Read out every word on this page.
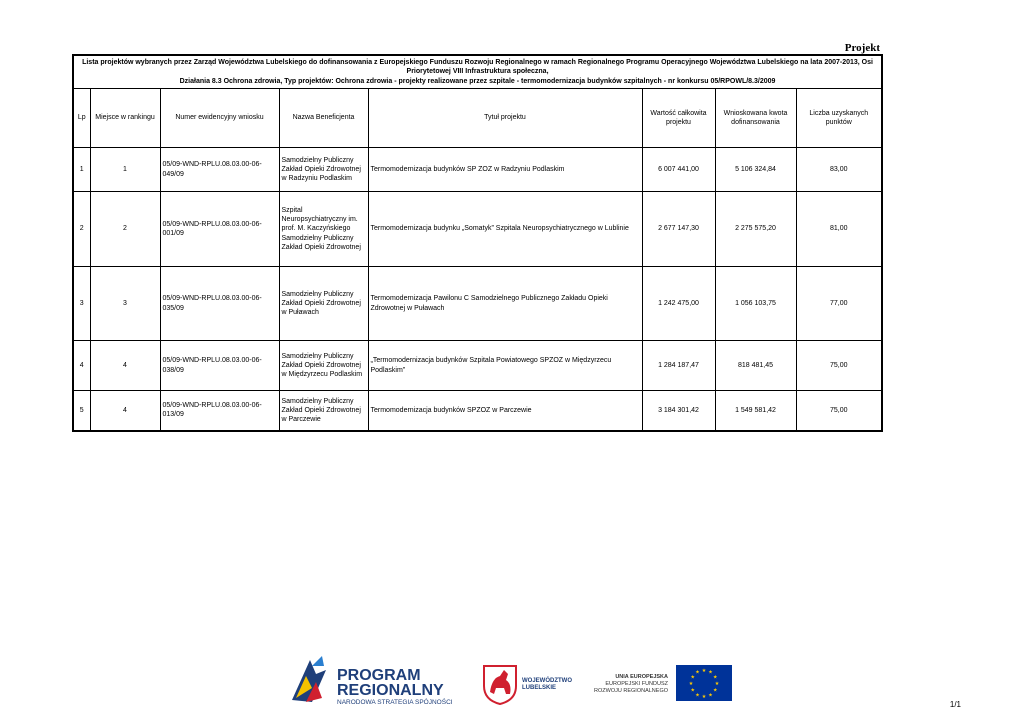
Projekt
Lista projektów wybranych przez Zarząd Województwa Lubelskiego do dofinansowania z Europejskiego Funduszu Rozwoju Regionalnego w ramach Regionalnego Programu Operacyjnego Województwa Lubelskiego na lata 2007-2013, Osi Priorytetowej VIII Infrastruktura społeczna,
Działania 8.3 Ochrona zdrowia, Typ projektów: Ochrona zdrowia - projekty realizowane przez szpitale - termomodernizacja budynków szpitalnych - nr konkursu 05/RPOWL/8.3/2009							

Lp	Miejsce w rankingu	Numer ewidencyjny wniosku	Nazwa Beneficjenta	Tytuł projektu	Wartość całkowita projektu	Wnioskowana kwota dofinansowania	Liczba uzyskanych punktów
1	1	05/09-WND-RPLU.08.03.00-06-049/09	Samodzielny Publiczny Zakład Opieki Zdrowotnej w Radzyniu Podlaskim	Termomodernizacja budynków SP ZOZ w Radzyniu Podlaskim	6 007 441,00	5 106 324,84	83,00
2	2	05/09-WND-RPLU.08.03.00-06-001/09	Szpital Neuropsychiatryczny im. prof. M. Kaczyńskiego Samodzielny Publiczny Zakład Opieki Zdrowotnej	Termomodernizacja budynku „Somatyk” Szpitala Neuropsychiatrycznego w Lublinie	2 677 147,30	2 275 575,20	81,00
3	3	05/09-WND-RPLU.08.03.00-06-035/09	Samodzielny Publiczny Zakład Opieki Zdrowotnej w Puławach	Termomodernizacja Pawilonu C Samodzielnego Publicznego Zakładu Opieki Zdrowotnej w Puławach	1 242 475,00	1 056 103,75	77,00
4	4	05/09-WND-RPLU.08.03.00-06-038/09	Samodzielny Publiczny Zakład Opieki Zdrowotnej w Międzyrzecu Podlaskim	„Termomodernizacja budynków Szpitala Powiatowego SPZOZ w Międzyrzecu Podlaskim”	1 284 187,47	818 481,45	75,00
5	4	05/09-WND-RPLU.08.03.00-06-013/09	Samodzielny Publiczny Zakład Opieki Zdrowotnej w Parczewie	Termomodernizacja budynków SPZOZ w Parczewie	3 184 301,42	1 549 581,42	75,00
PROGRAM
REGIONALNY
NARODOWA STRATEGIA SPÓJNOŚCI
WOJEWÓDZTWO
LUBELSKIE
UNIA EUROPEJSKA
EUROPEJSKI FUNDUSZ
ROZWOJU REGIONALNEGO
★ ★
★
★
★
★
★
★
★
★
★
★
1/1
